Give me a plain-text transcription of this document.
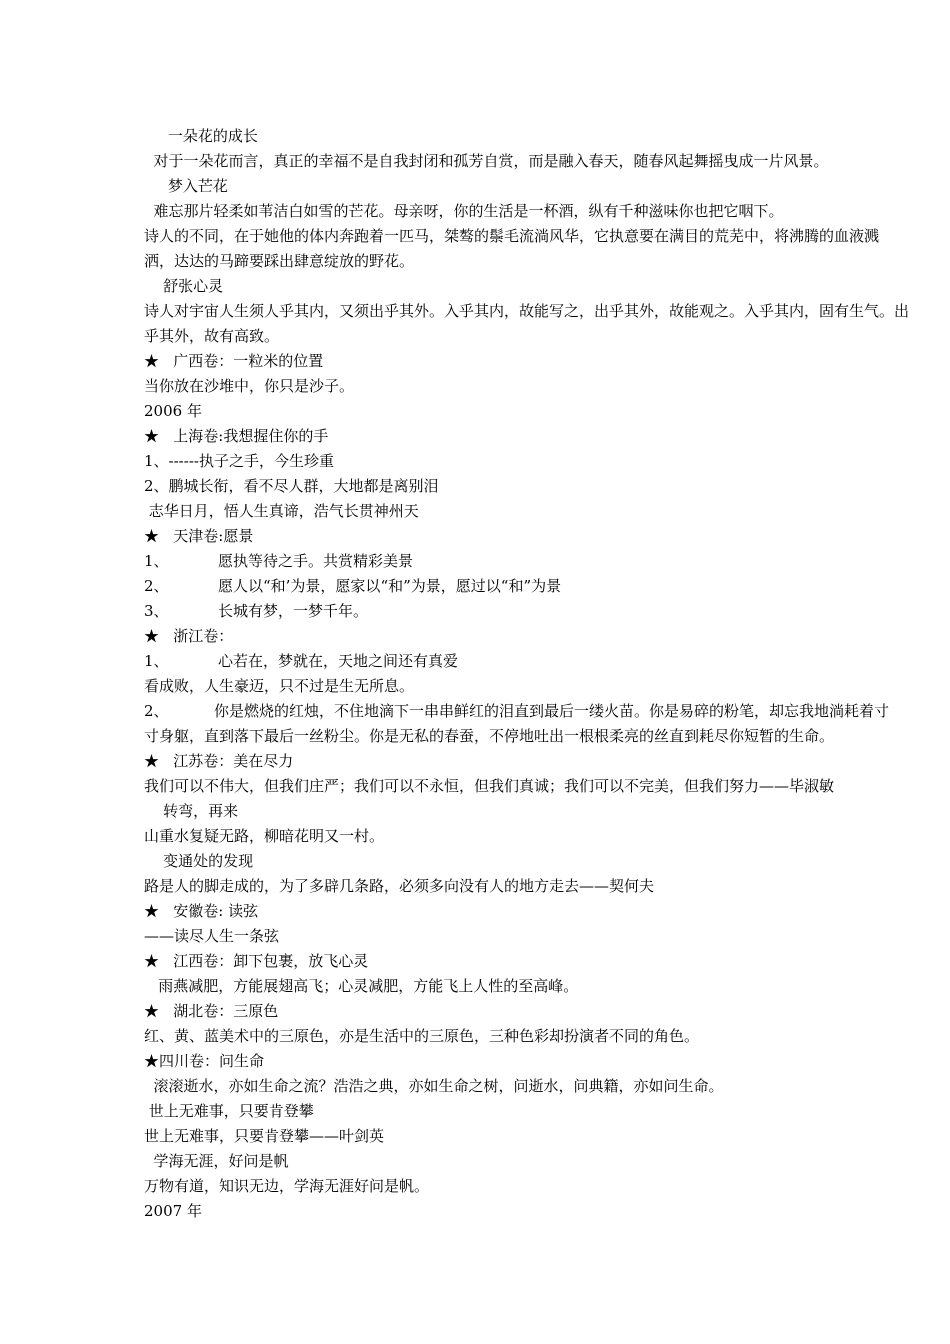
一朵花的成长
对于一朵花而言，真正的幸福不是自我封闭和孤芳自赏，而是融入春天，随春风起舞摇曳成一片风景。
梦入芒花
难忘那片轻柔如苇洁白如雪的芒花。母亲呀，你的生活是一杯酒，纵有千种滋味你也把它咽下。
诗人的不同，在于她他的体内奔跑着一匹马，桀骜的鬃毛流淌风华，它执意要在满目的荒芜中，将沸腾的血液溅
洒，达达的马蹄要踩出肆意绽放的野花。
舒张心灵
诗人对宇宙人生须人乎其内，又须出乎其外。入乎其内，故能写之，出乎其外，故能观之。入乎其内，固有生气。出
乎其外，故有高致。
★   广西卷：一粒米的位置
当你放在沙堆中，你只是沙子。
2006 年
★   上海卷:我想握住你的手
1、------执子之手，今生珍重
2、鹏城长衔，看不尽人群，大地都是离别泪
志华日月，悟人生真谛，浩气长贯神州天
★   天津卷:愿景
1、	愿执等待之手。共赏精彩美景
2、	愿人以“和’为景，愿家以“和”为景，愿过以“和”为景
3、	长城有梦，一梦千年。
★   浙江卷：
1、	心若在，梦就在，天地之间还有真爱
看成败，人生豪迈，只不过是生无所息。
2、	你是燃烧的红烛，不住地滴下一串串鲜红的泪直到最后一缕火苗。你是易碎的粉笔，却忘我地淌耗着寸
寸身躯，直到落下最后一丝粉尘。你是无私的春蚕，不停地吐出一根根柔亮的丝直到耗尽你短暂的生命。
★   江苏卷：美在尽力
我们可以不伟大，但我们庄严；我们可以不永恒，但我们真诚；我们可以不完美，但我们努力——毕淑敏
转弯，再来
山重水复疑无路，柳暗花明又一村。
变通处的发现
路是人的脚走成的，为了多辟几条路，必须多向没有人的地方走去——契何夫
★   安徽卷: 读弦
——读尽人生一条弦
★   江西卷：卸下包裹，放飞心灵
雨燕减肥，方能展翅高飞；心灵减肥，方能飞上人性的至高峰。
★   湖北卷：三原色
红、黄、蓝美术中的三原色，亦是生活中的三原色，三种色彩却扮演者不同的角色。
★四川卷：问生命
滚滚逝水，亦如生命之流？浩浩之典，亦如生命之树，问逝水，问典籍，亦如问生命。
世上无难事，只要肯登攀
世上无难事，只要肯登攀——叶剑英
学海无涯，好问是帆
万物有道，知识无边，学海无涯好问是帆。
2007 年
